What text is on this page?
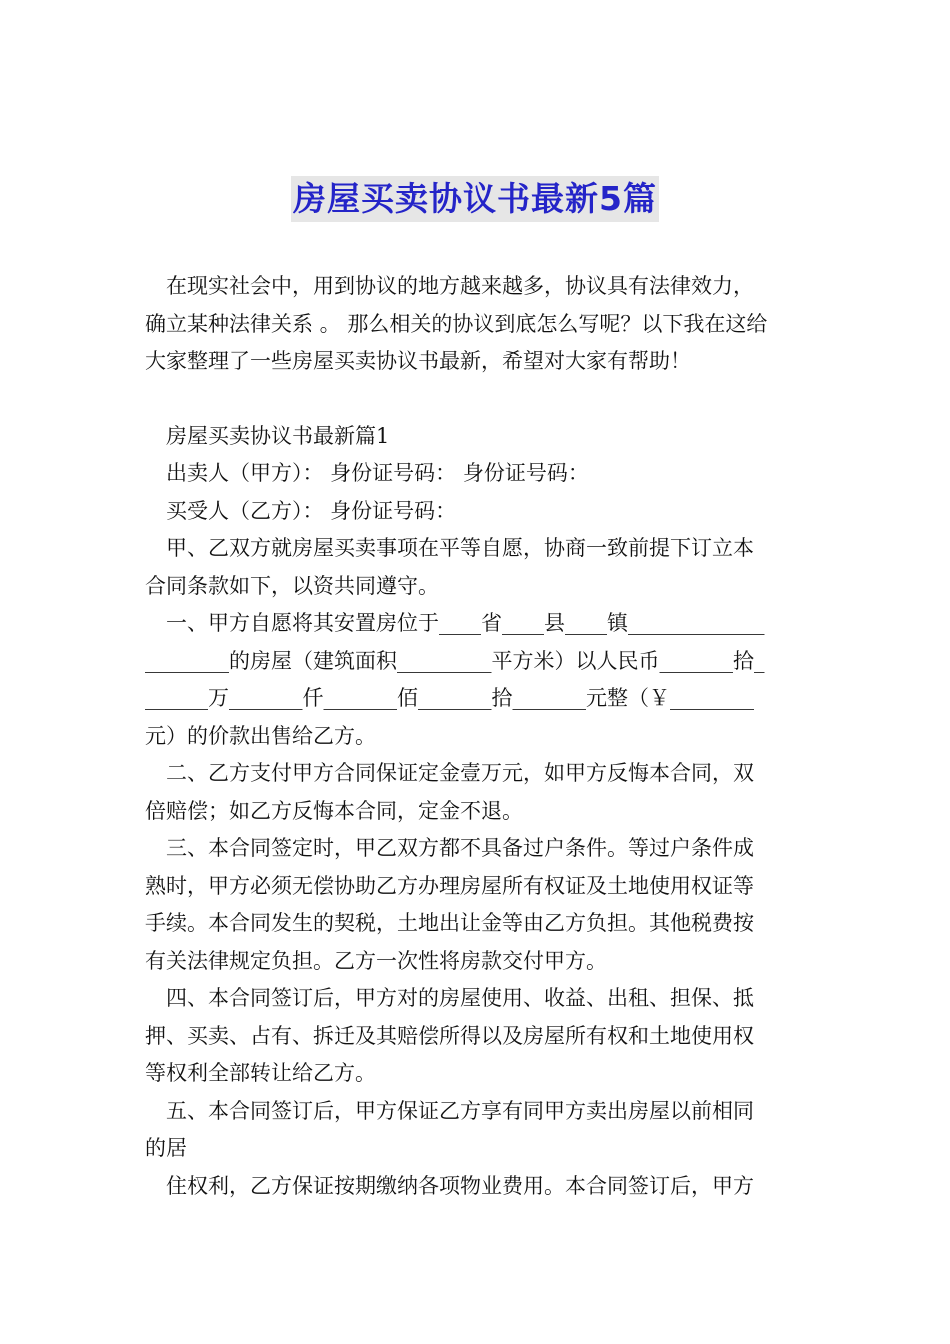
房屋买卖协议书最新5篇

在现实社会中，用到协议的地方越来越多，协议具有法律效力，

确立某种法律关系 。 那么相关的协议到底怎么写呢？以下我在这给

大家整理了一些房屋买卖协议书最新，希望对大家有帮助！

房屋买卖协议书最新篇1

出卖人（甲方）： 身份证号码： 身份证号码：

买受人（乙方）： 身份证号码：

甲、乙双方就房屋买卖事项在平等自愿，协商一致前提下订立本

合同条款如下，以资共同遵守。

一、甲方自愿将其安置房位于____省____县____镇_____________

________的房屋（建筑面积_________平方米）以人民币_______拾_

______万_______仟_______佰_______拾_______元整（￥________

元）的价款出售给乙方。

二、乙方支付甲方合同保证定金壹万元，如甲方反悔本合同，双

倍赔偿；如乙方反悔本合同，定金不退。

三、本合同签定时，甲乙双方都不具备过户条件。等过户条件成

熟时，甲方必须无偿协助乙方办理房屋所有权证及土地使用权证等

手续。本合同发生的契税，土地出让金等由乙方负担。其他税费按

有关法律规定负担。乙方一次性将房款交付甲方。

四、本合同签订后，甲方对的房屋使用、收益、出租、担保、抵

押、买卖、占有、拆迁及其赔偿所得以及房屋所有权和土地使用权

等权利全部转让给乙方。

五、本合同签订后，甲方保证乙方享有同甲方卖出房屋以前相同

的居

住权利，乙方保证按期缴纳各项物业费用。本合同签订后，甲方
